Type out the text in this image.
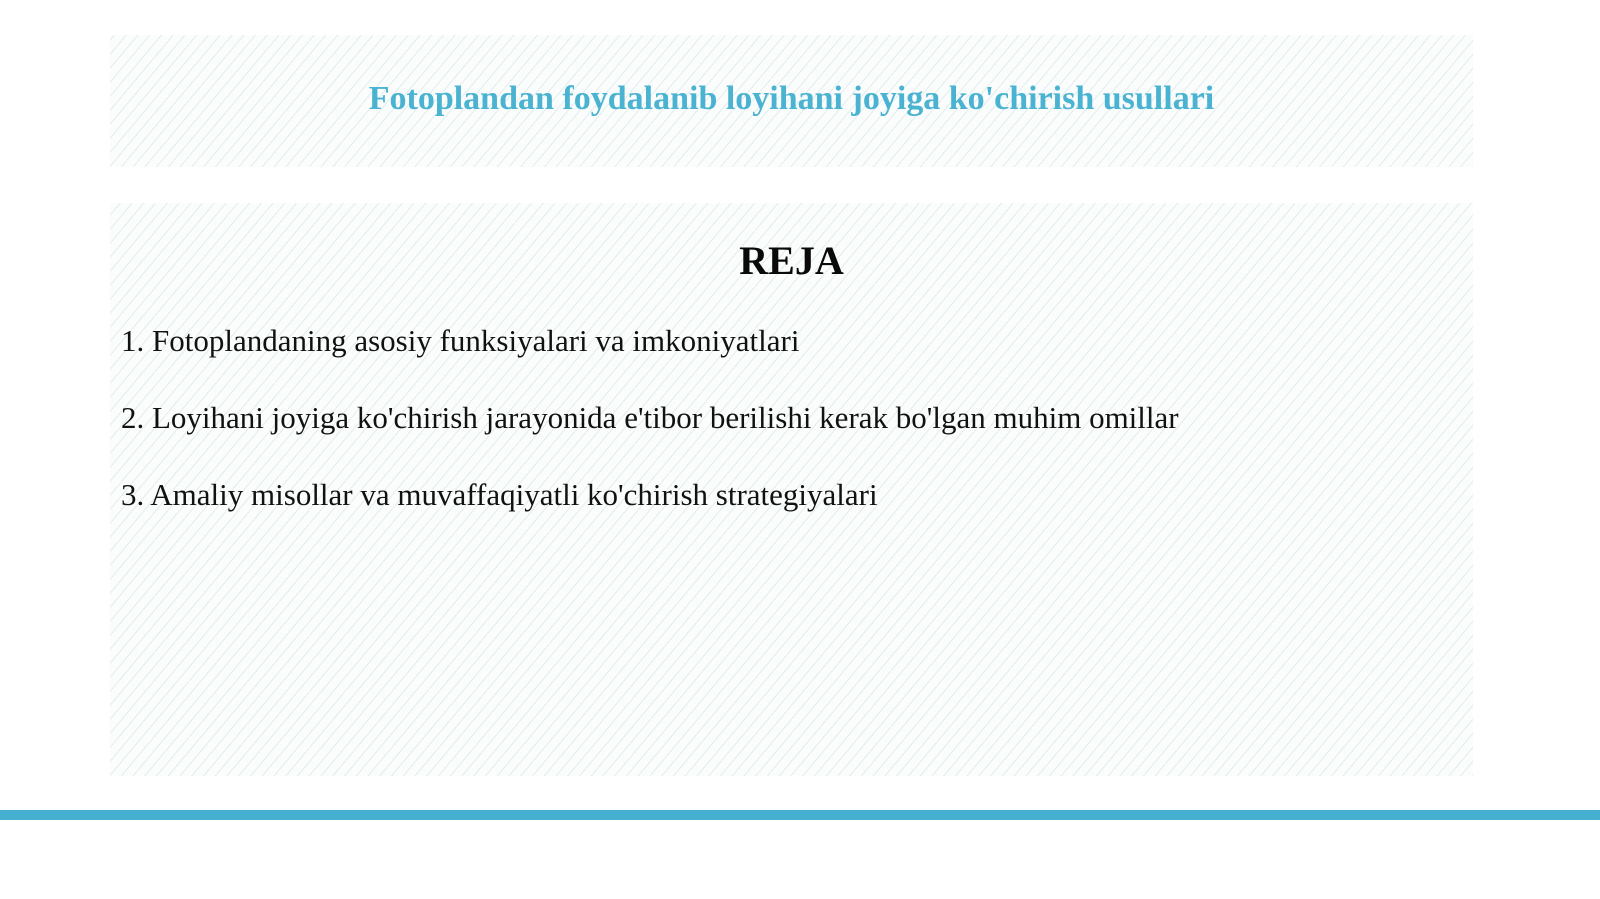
Fotoplandan foydalanib loyihani joyiga ko'chirish usullari
REJA
1. Fotoplandaning asosiy funksiyalari va imkoniyatlari
2. Loyihani joyiga ko'chirish jarayonida e'tibor berilishi kerak bo'lgan muhim omillar
3. Amaliy misollar va muvaffaqiyatli ko'chirish strategiyalari
